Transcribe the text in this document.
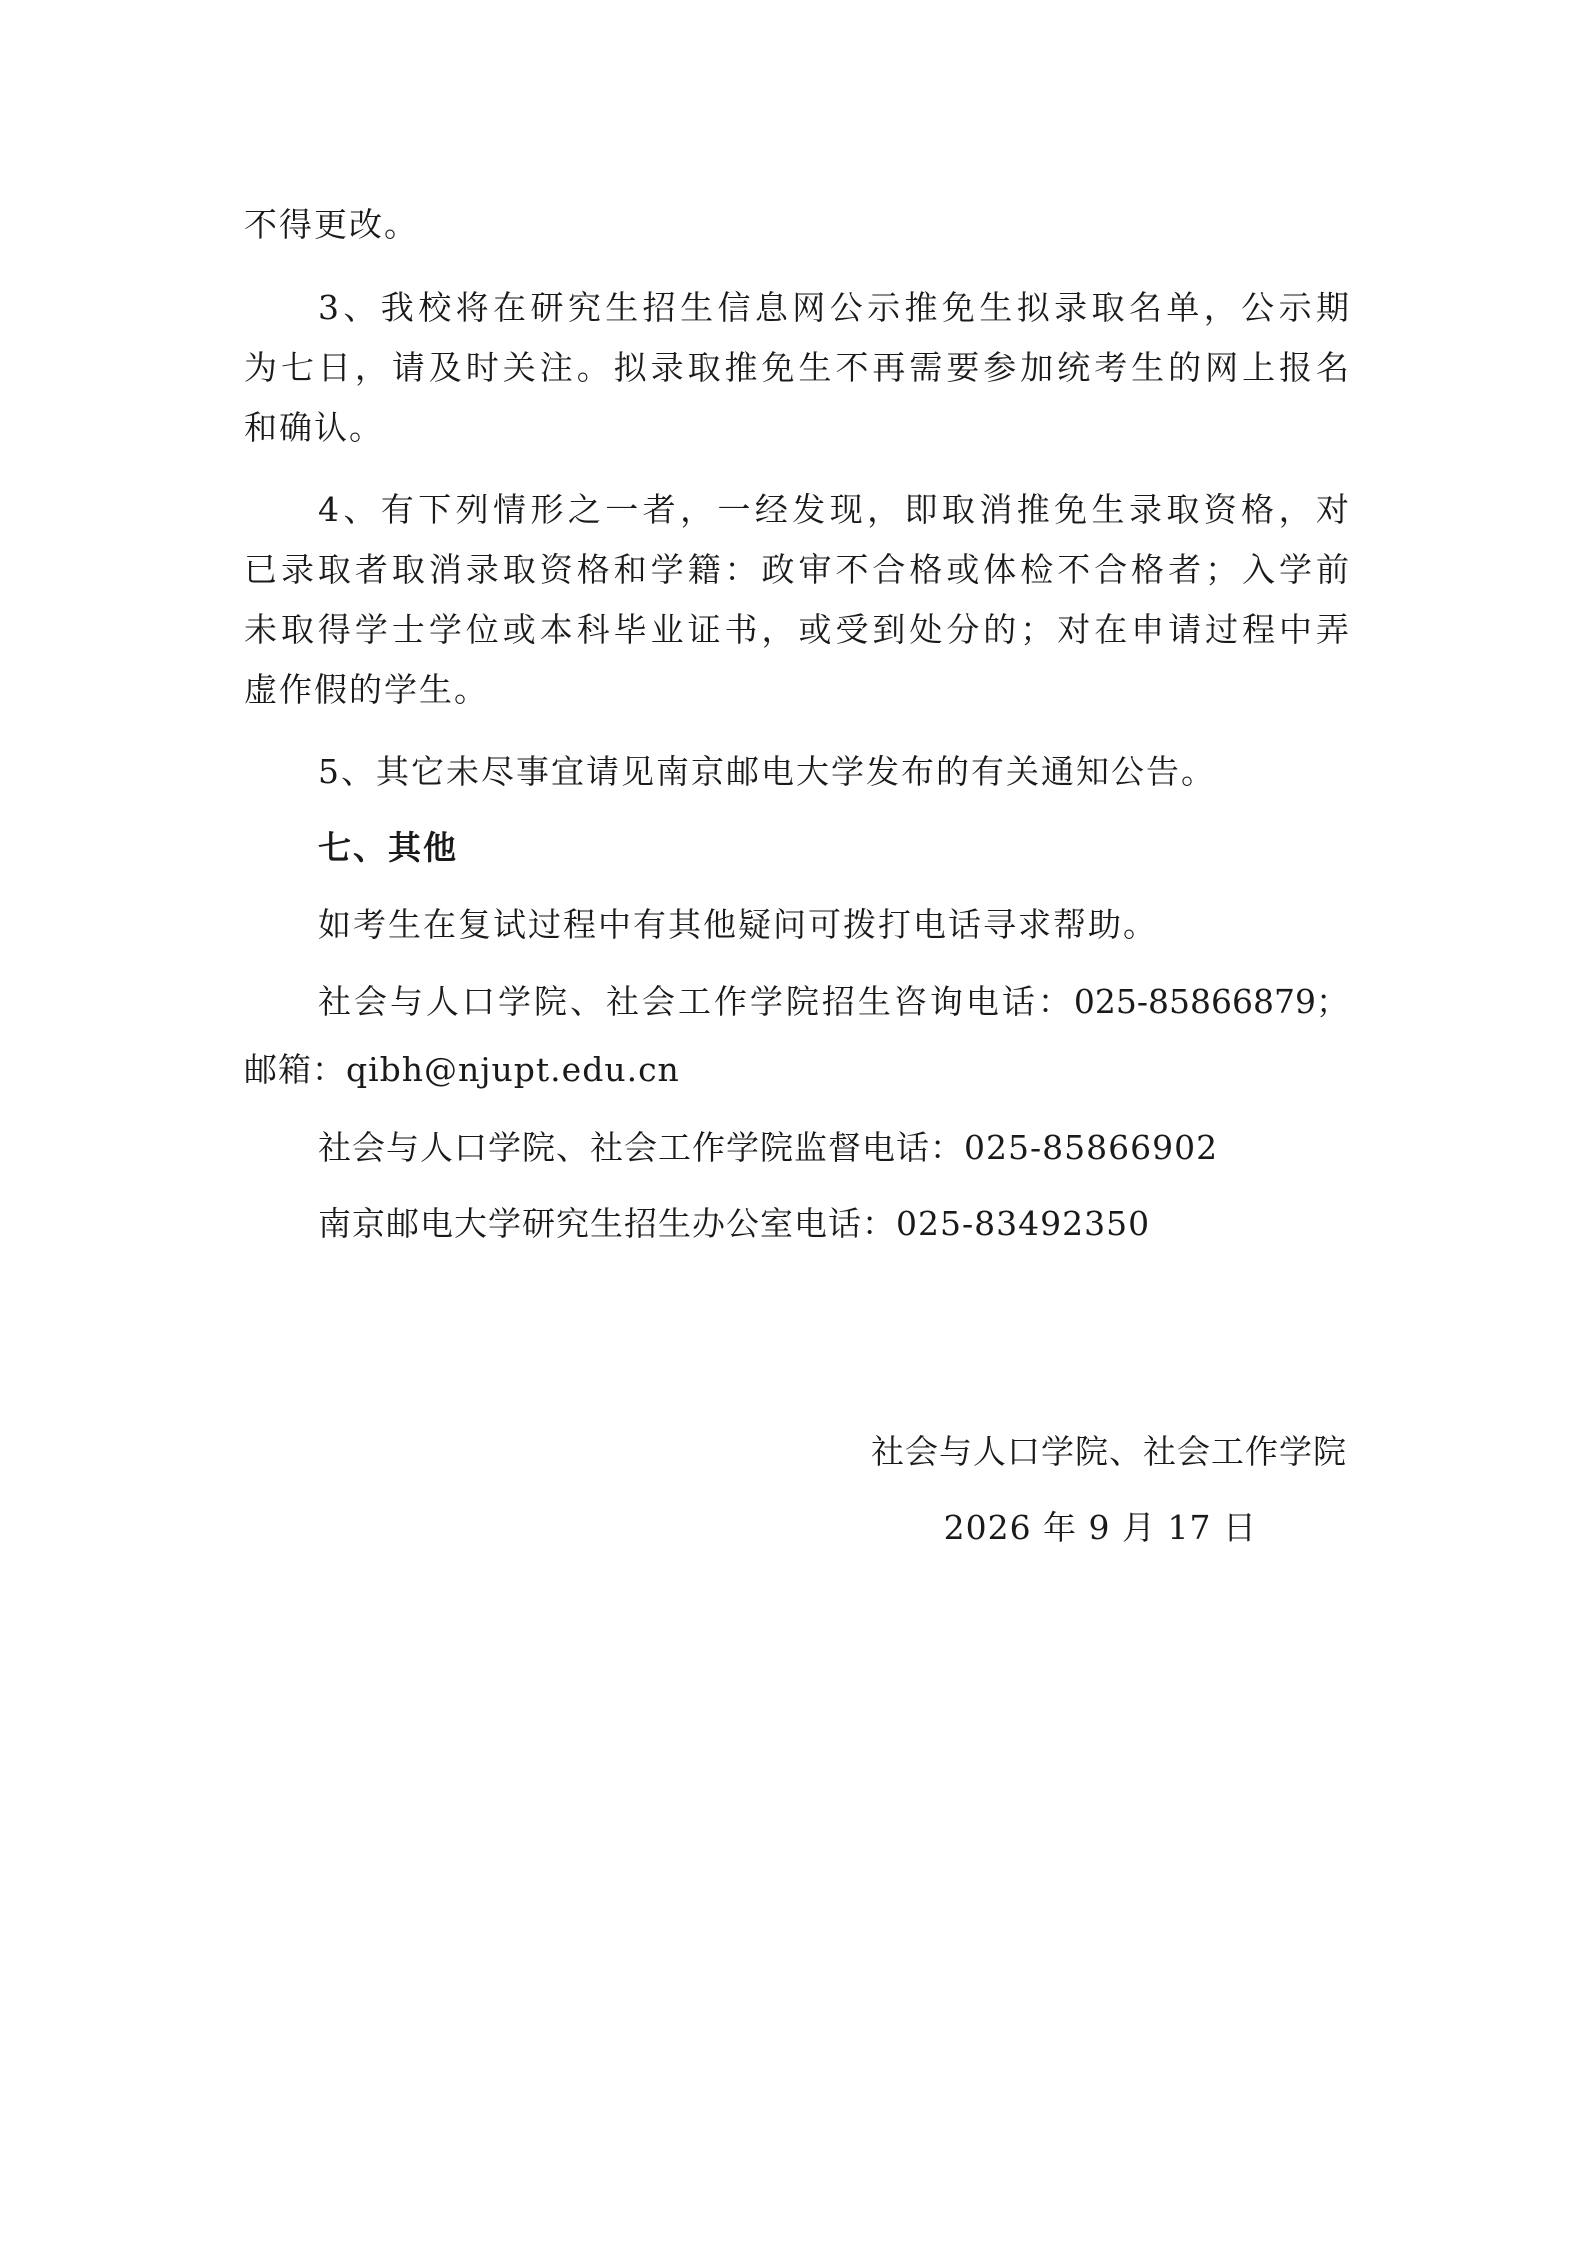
不得更改。
3、我校将在研究生招生信息网公示推免生拟录取名单，公示期
为七日，请及时关注。拟录取推免生不再需要参加统考生的网上报名
和确认。
4、有下列情形之一者，一经发现，即取消推免生录取资格，对
已录取者取消录取资格和学籍：政审不合格或体检不合格者；入学前
未取得学士学位或本科毕业证书，或受到处分的；对在申请过程中弄
虚作假的学生。
5、其它未尽事宜请见南京邮电大学发布的有关通知公告。
七、其他
如考生在复试过程中有其他疑问可拨打电话寻求帮助。
社会与人口学院、社会工作学院招生咨询电话：025-85866879；
邮箱：qibh@njupt.edu.cn
社会与人口学院、社会工作学院监督电话：025-85866902
南京邮电大学研究生招生办公室电话：025-83492350
社会与人口学院、社会工作学院
2026 年 9 月 17 日
